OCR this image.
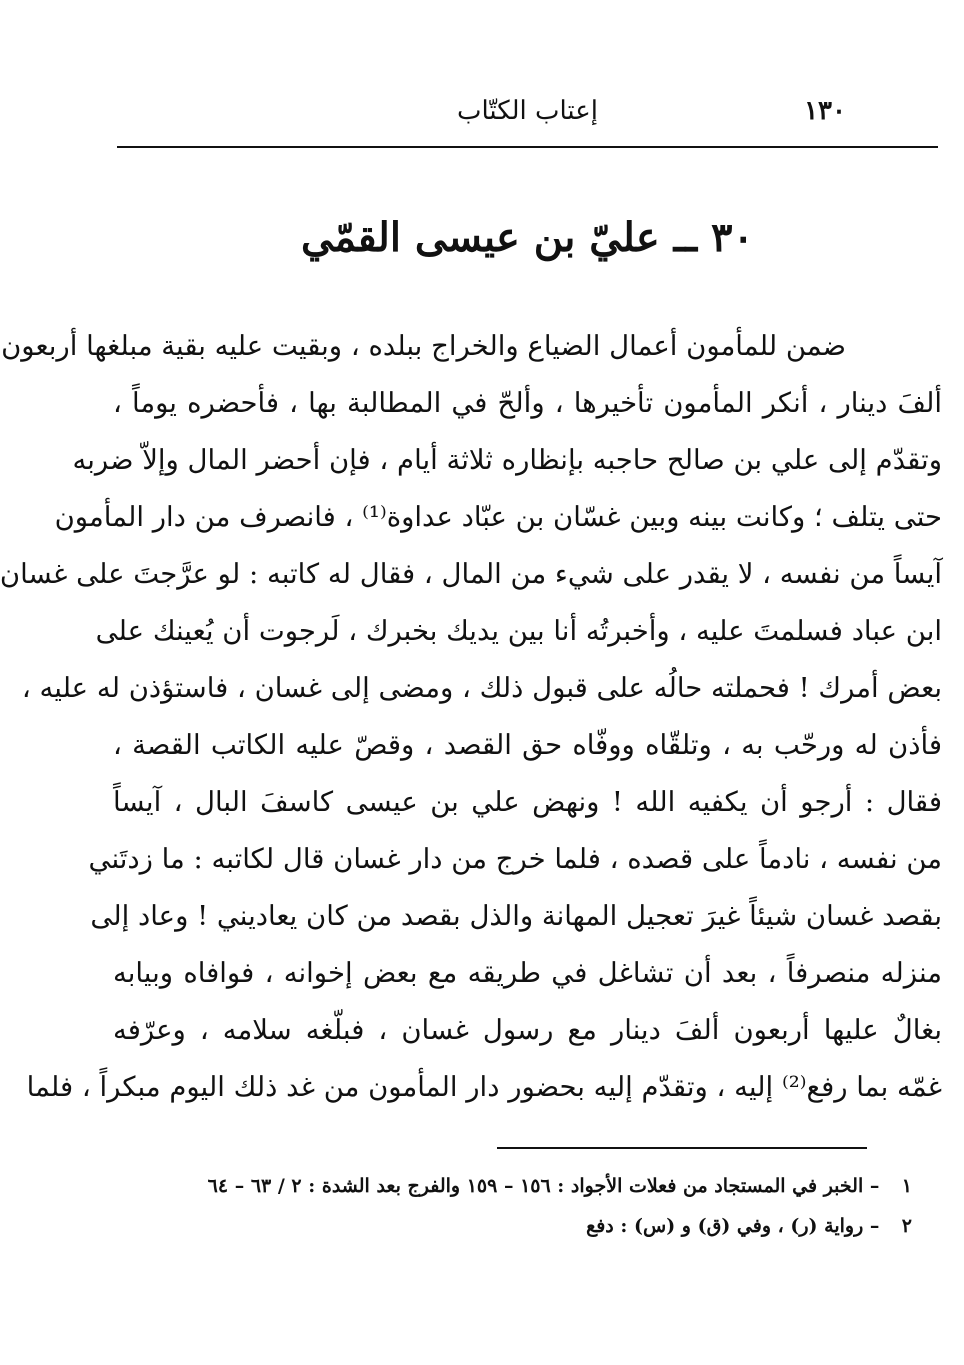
١٣٠
إعتاب الكتّاب
٣٠ ــ عليّ بن عيسى القمّي
ضمن للمأمون أعمال الضياع والخراج ببلده ، وبقيت عليه بقية مبلغها أربعون
ألفَ دينار ، أنكر المأمون تأخيرها ، وألحّ في المطالبة بها ، فأحضره يوماً ،
وتقدّم إلى علي بن صالح حاجبه بإنظاره ثلاثة أيام ، فإن أحضر المال وإلاّ ضربه
حتى يتلف ؛ وكانت بينه وبين غسّان بن عبّاد عداوة⁽¹⁾ ، فانصرف من دار المأمون
آيساً من نفسه ، لا يقدر على شيء من المال ، فقال له كاتبه : لو عرَّجتَ على غسان
ابن عباد فسلمتَ عليه ، وأخبرتُه أنا بين يديك بخبرك ، لَرجوت أن يُعينك على
بعض أمرك ! فحملته حالُه على قبول ذلك ، ومضى إلى غسان ، فاستؤذن له عليه ،
فأذن له ورحّب به ، وتلقّاه ووفّاه حق القصد ، وقصّ عليه الكاتب القصة ،
فقال : أرجو أن يكفيه الله ! ونهض علي بن عيسى كاسفَ البال ، آيساً
من نفسه ، نادماً على قصده ، فلما خرج من دار غسان قال لكاتبه : ما زدتَني
بقصد غسان شيئاً غيرَ تعجيل المهانة والذل بقصد من كان يعاديني ! وعاد إلى
منزله منصرفاً ، بعد أن تشاغل في طريقه مع بعض إخوانه ، فوافاه وبيابه
بغالٌ عليها أربعون ألفَ دينار مع رسول غسان ، فبلّغه سلامه ، وعرّفه
غمّه بما رفع⁽²⁾ إليه ، وتقدّم إليه بحضور دار المأمون من غد ذلك اليوم مبكراً ، فلما
١ – الخبر في المستجاد من فعلات الأجواد : ١٥٦ – ١٥٩ والفرج بعد الشدة : ٢ / ٦٣ – ٦٤
٢ – رواية (ر) ، وفي (ق) و (س) : دفع
